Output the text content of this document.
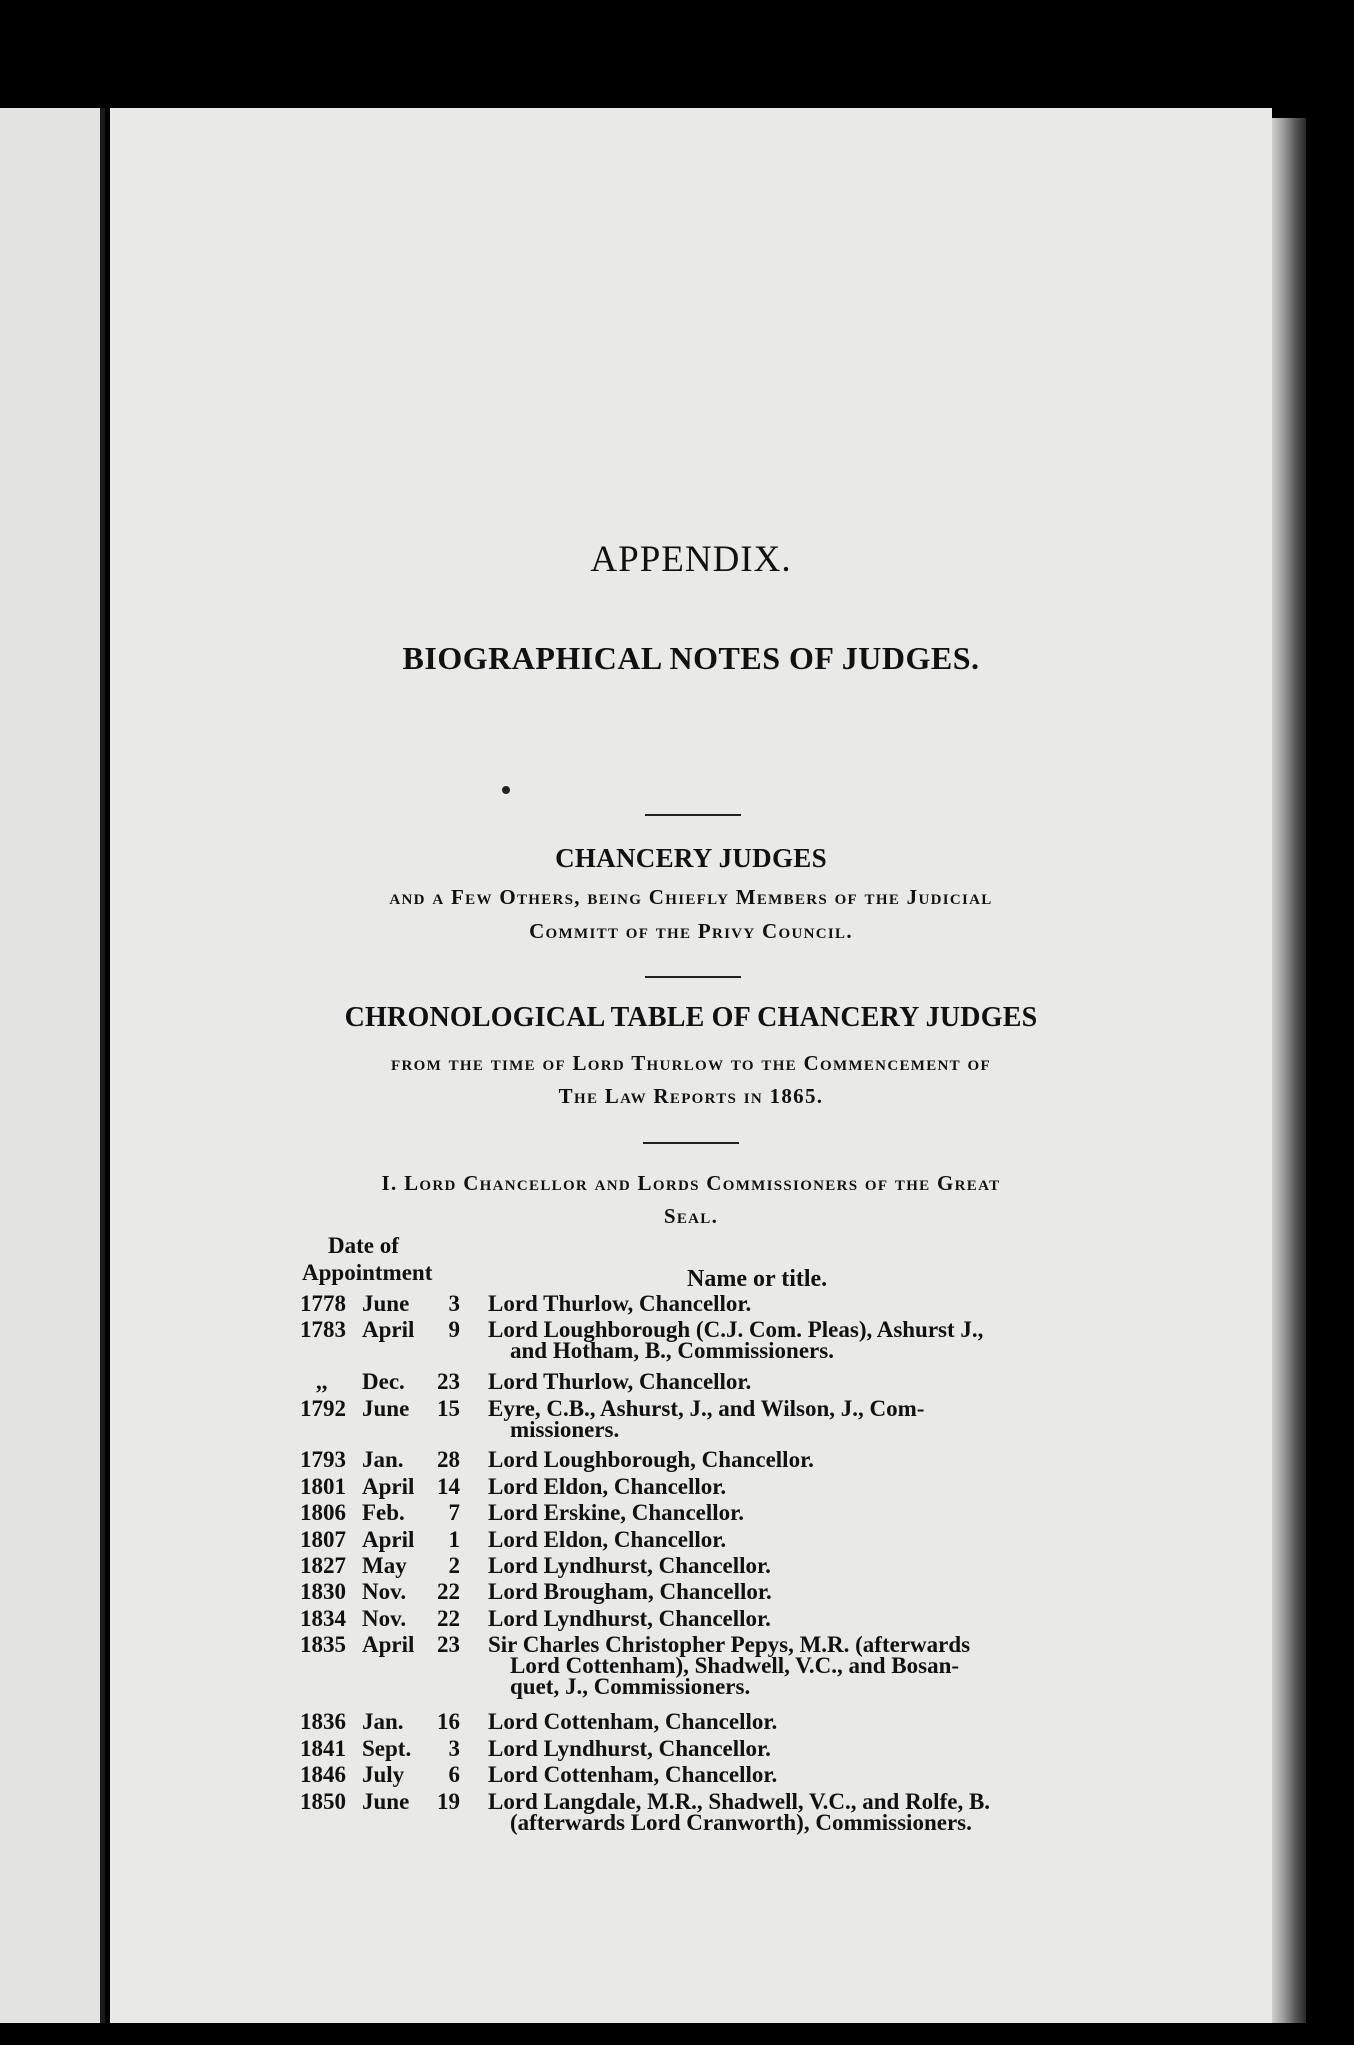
APPENDIX.
BIOGRAPHICAL NOTES OF JUDGES.
CHANCERY JUDGES
and a Few Others, being Chiefly Members of the Judicial
Committ of the Privy Council.
CHRONOLOGICAL TABLE OF CHANCERY JUDGES
from the time of Lord Thurlow to the Commencement of
The Law Reports in 1865.
I. Lord Chancellor and Lords Commissioners of the Great
Seal.
Date of
Appointment	Name or title.
1778 June	3 Lord Thurlow, Chancellor.
1783 April	9 Lord Loughborough (C.J. Com. Pleas), Ashurst J.,
and Hotham, B., Commissioners.
,,	Dec.	23 Lord Thurlow, Chancellor.
1792 June	15 Eyre, C.B., Ashurst, J., and Wilson, J., Com-
missioners.
1793 Jan.	28 Lord Loughborough, Chancellor.
1801 April 14 Lord Eldon, Chancellor.
1806 Feb.	7 Lord Erskine, Chancellor.
1807 April	1 Lord Eldon, Chancellor.
1827 May	2 Lord Lyndhurst, Chancellor.
1830 Nov.	22 Lord Brougham, Chancellor.
1834 Nov.	22 Lord Lyndhurst, Chancellor.
1835 April 23 Sir Charles Christopher Pepys, M.R. (afterwards
Lord Cottenham), Shadwell, V.C., and Bosan-
quet, J., Commissioners.
1836 Jan.	16 Lord Cottenham, Chancellor.
1841 Sept.	3 Lord Lyndhurst, Chancellor.
1846 July	6 Lord Cottenham, Chancellor.
1850 June	19 Lord Langdale, M.R., Shadwell, V.C., and Rolfe, B.
(afterwards Lord Cranworth), Commissioners.
